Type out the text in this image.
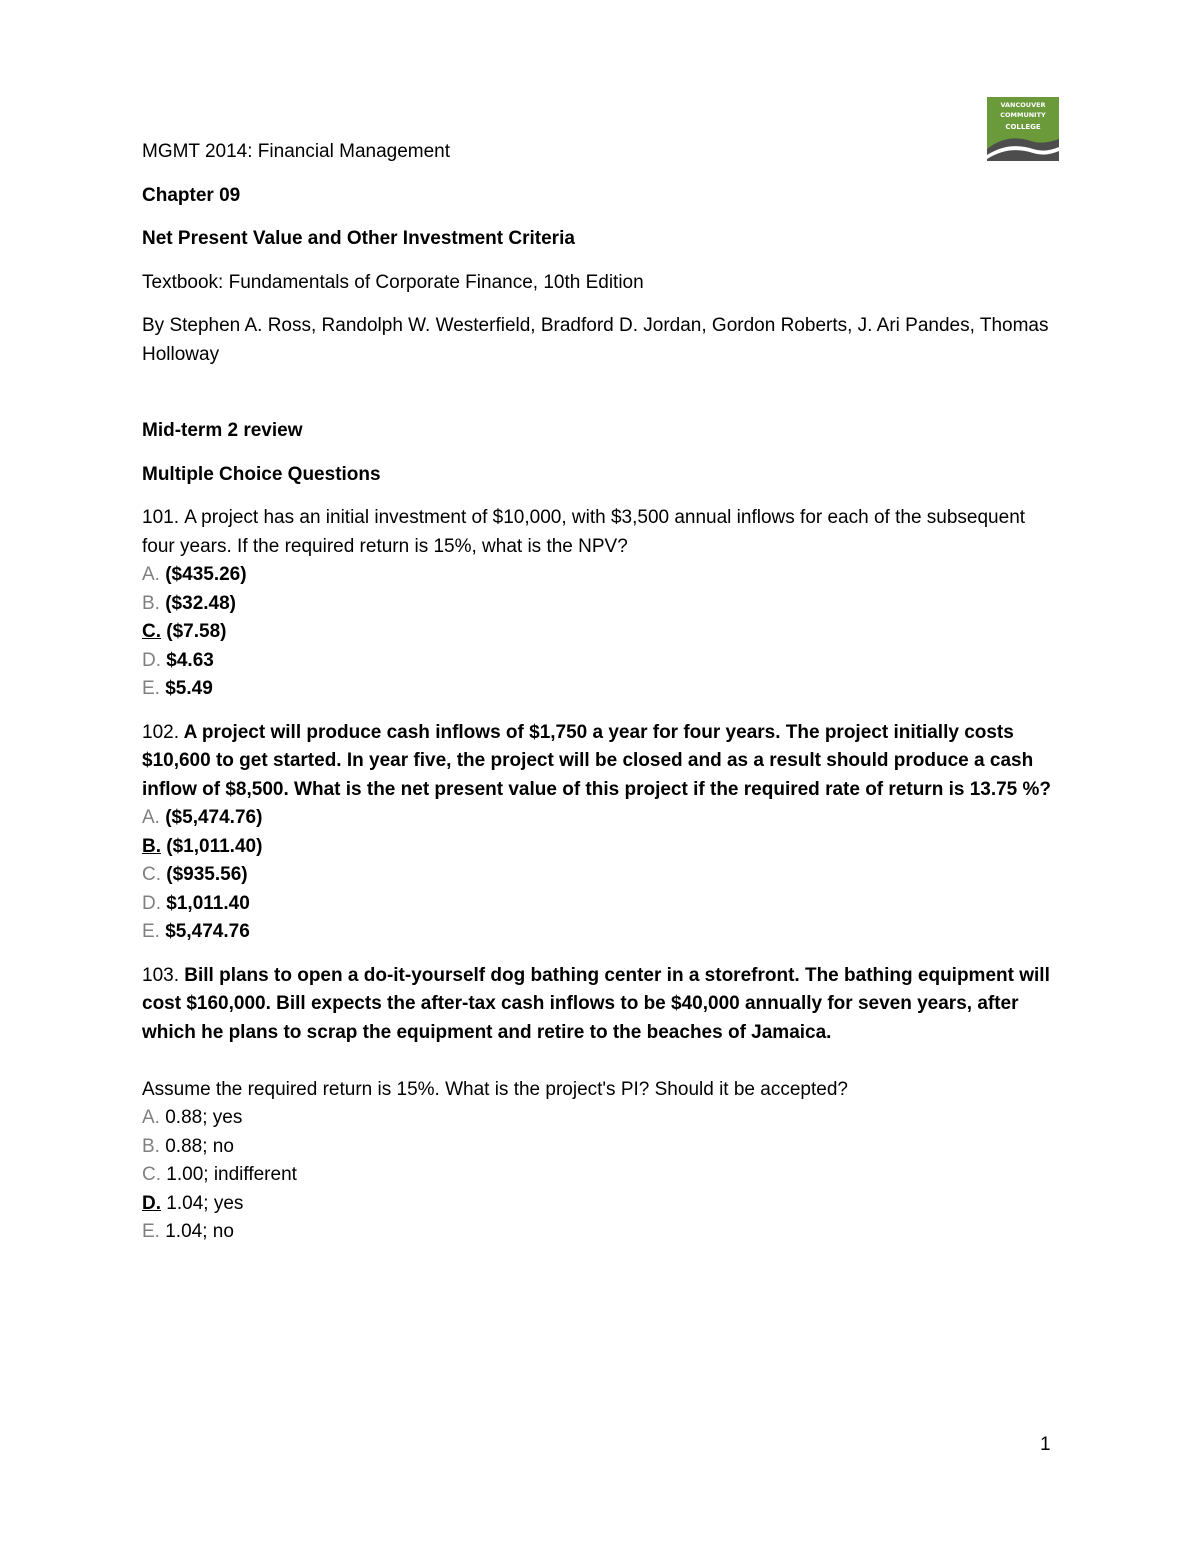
VANCOUVER
COMMUNITY
COLLEGE

MGMT 2014: Financial Management

Chapter 09

Net Present Value and Other Investment Criteria

Textbook: Fundamentals of Corporate Finance, 10th Edition

By Stephen A. Ross, Randolph W. Westerfield, Bradford D. Jordan, Gordon Roberts, J. Ari Pandes, Thomas Holloway

Mid-term 2 review

Multiple Choice Questions

101. A project has an initial investment of $10,000, with $3,500 annual inflows for each of the subsequent four years. If the required return is 15%, what is the NPV?

A. ($435.26)
B. ($32.48)
C. ($7.58)
D. $4.63
E. $5.49

102. A project will produce cash inflows of $1,750 a year for four years. The project initially costs $10,600 to get started. In year five, the project will be closed and as a result should produce a cash inflow of $8,500. What is the net present value of this project if the required rate of return is 13.75 %?

A. ($5,474.76)
B. ($1,011.40)
C. ($935.56)
D. $1,011.40
E. $5,474.76

103. Bill plans to open a do-it-yourself dog bathing center in a storefront. The bathing equipment will cost $160,000. Bill expects the after-tax cash inflows to be $40,000 annually for seven years, after which he plans to scrap the equipment and retire to the beaches of Jamaica.

Assume the required return is 15%. What is the project's PI? Should it be accepted?

A. 0.88; yes
B. 0.88; no
C. 1.00; indifferent
D. 1.04; yes
E. 1.04; no
1
